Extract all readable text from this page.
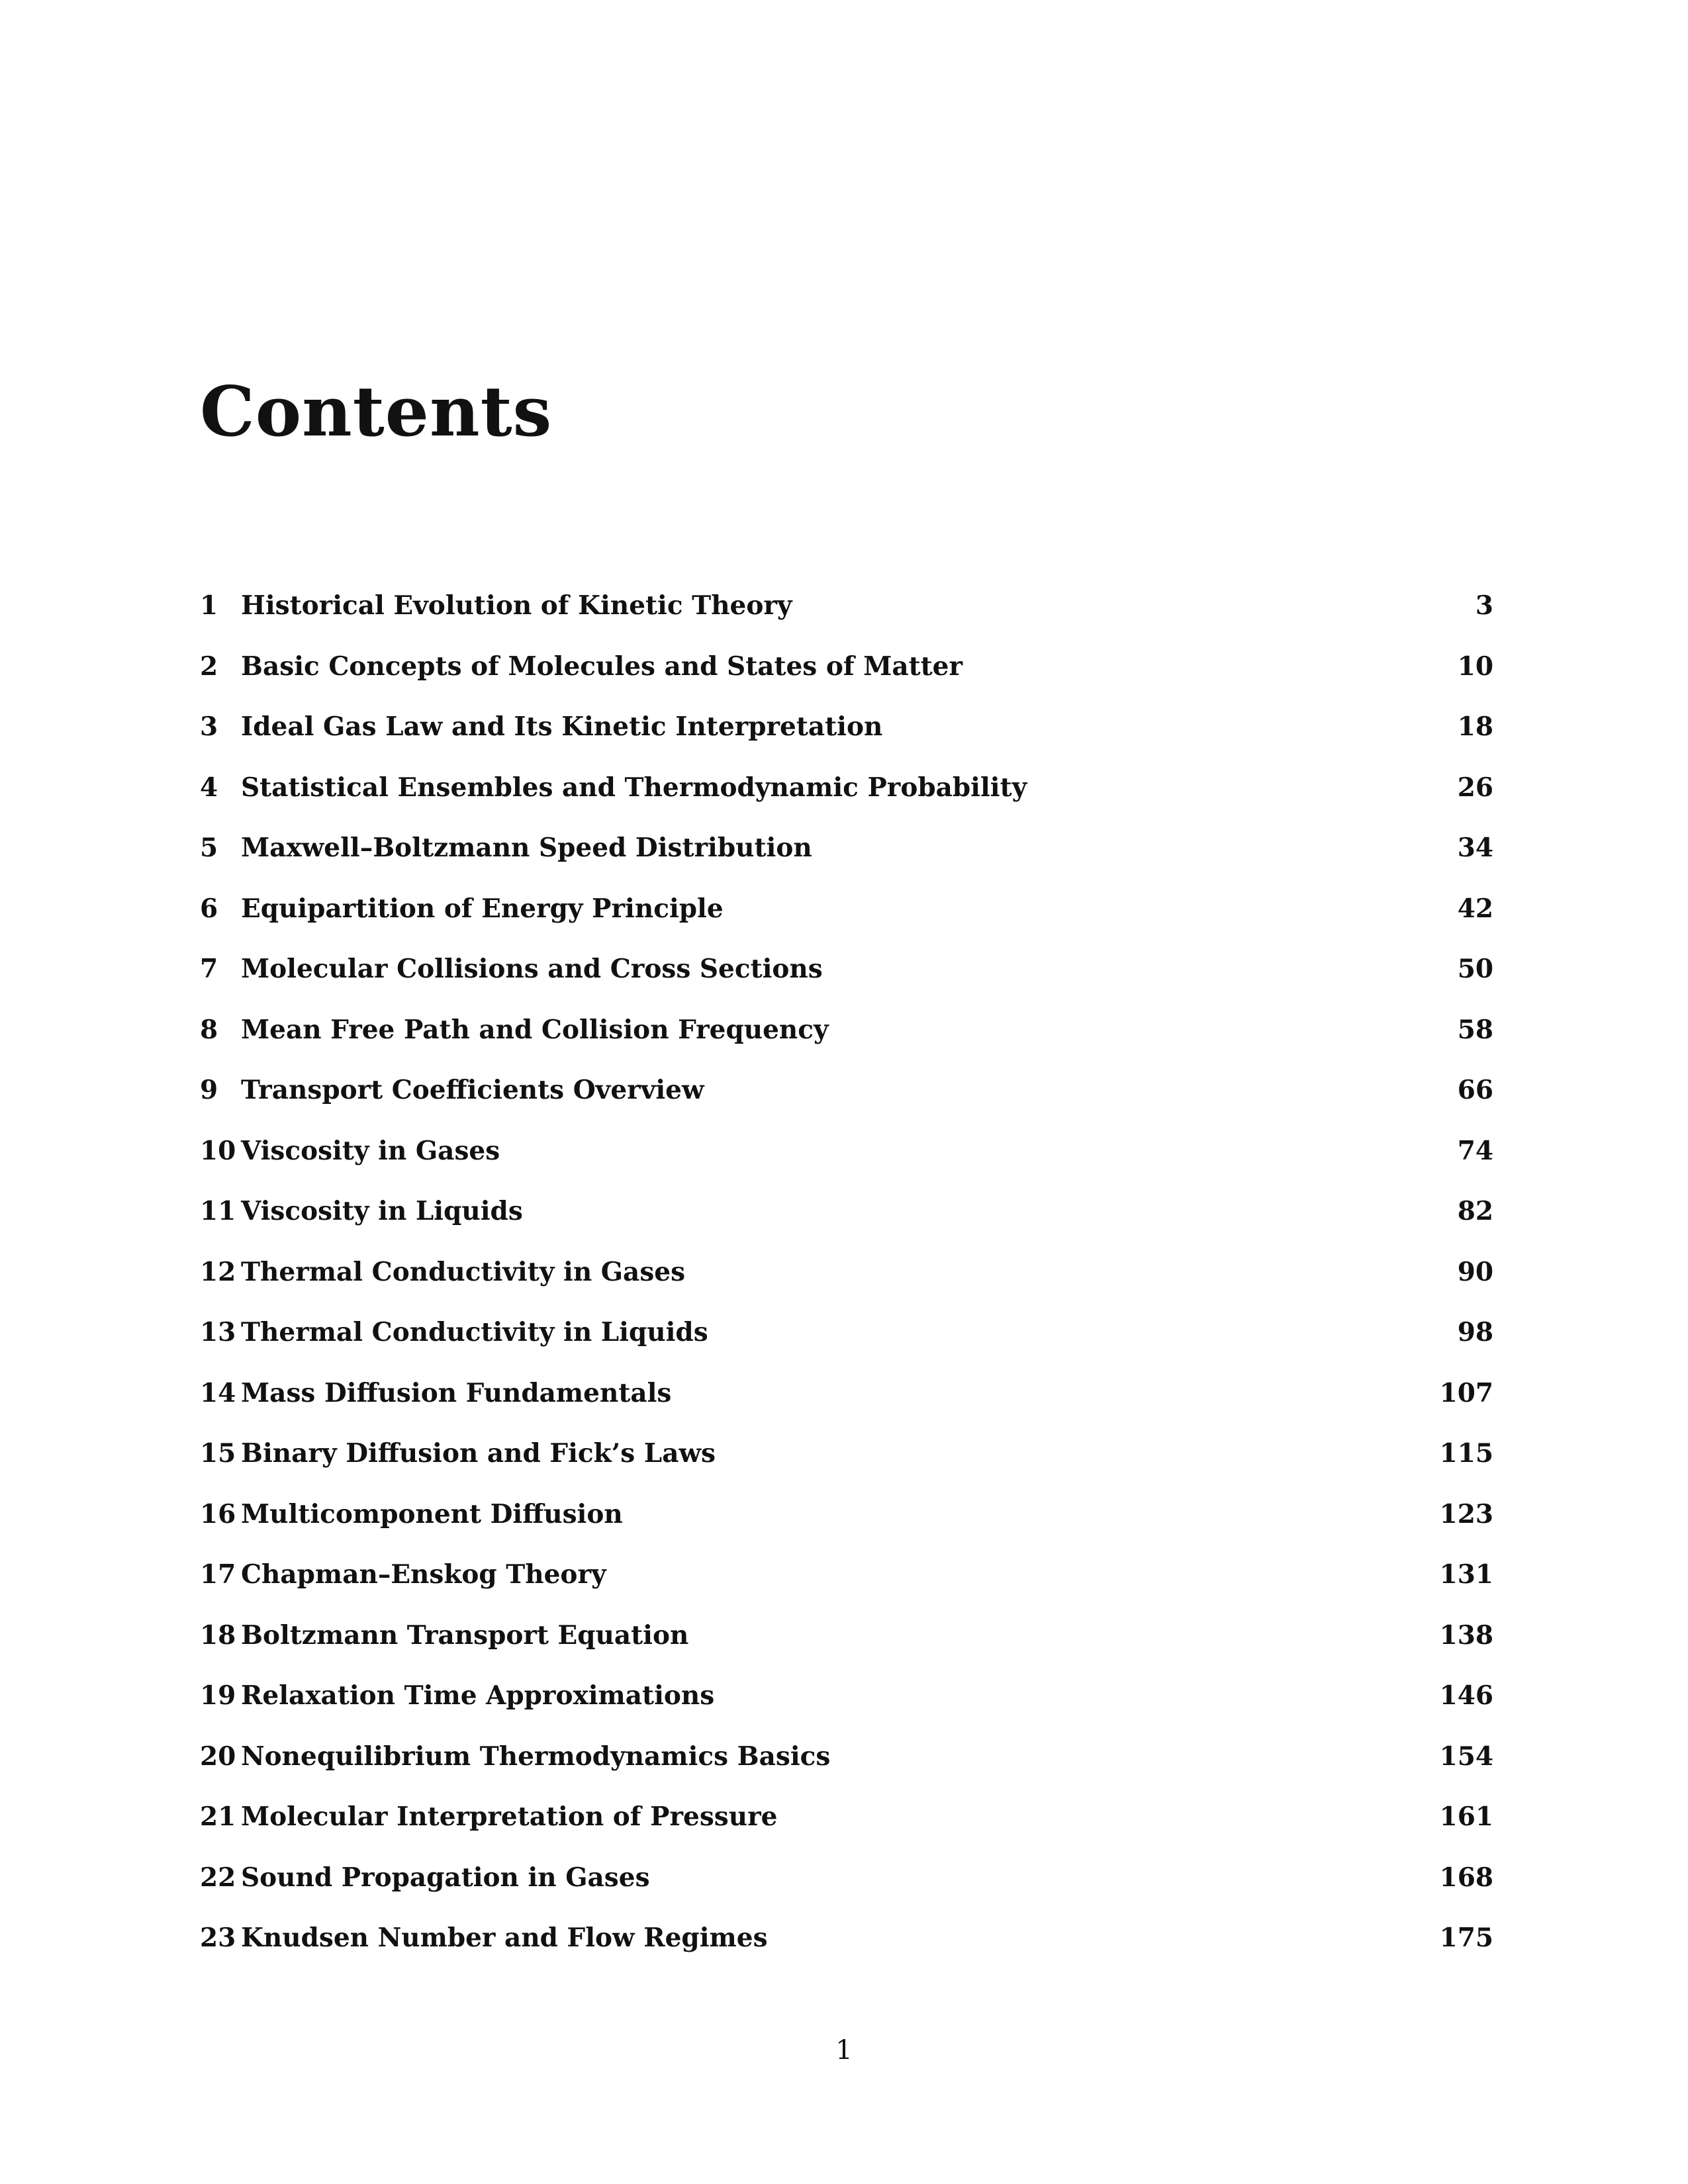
Contents
1 Historical Evolution of Kinetic Theory	3
2 Basic Concepts of Molecules and States of Matter	10
3 Ideal Gas Law and Its Kinetic Interpretation	18
4 Statistical Ensembles and Thermodynamic Probability	26
5 Maxwell–Boltzmann Speed Distribution	34
6 Equipartition of Energy Principle	42
7 Molecular Collisions and Cross Sections	50
8 Mean Free Path and Collision Frequency	58
9 Transport Coefficients Overview	66
10 Viscosity in Gases	74
11 Viscosity in Liquids	82
12 Thermal Conductivity in Gases	90
13 Thermal Conductivity in Liquids	98
14 Mass Diffusion Fundamentals	107
15 Binary Diffusion and Fick’s Laws	115
16 Multicomponent Diffusion	123
17 Chapman–Enskog Theory	131
18 Boltzmann Transport Equation	138
19 Relaxation Time Approximations	146
20 Nonequilibrium Thermodynamics Basics	154
21 Molecular Interpretation of Pressure	161
22 Sound Propagation in Gases	168
23 Knudsen Number and Flow Regimes	175
1
